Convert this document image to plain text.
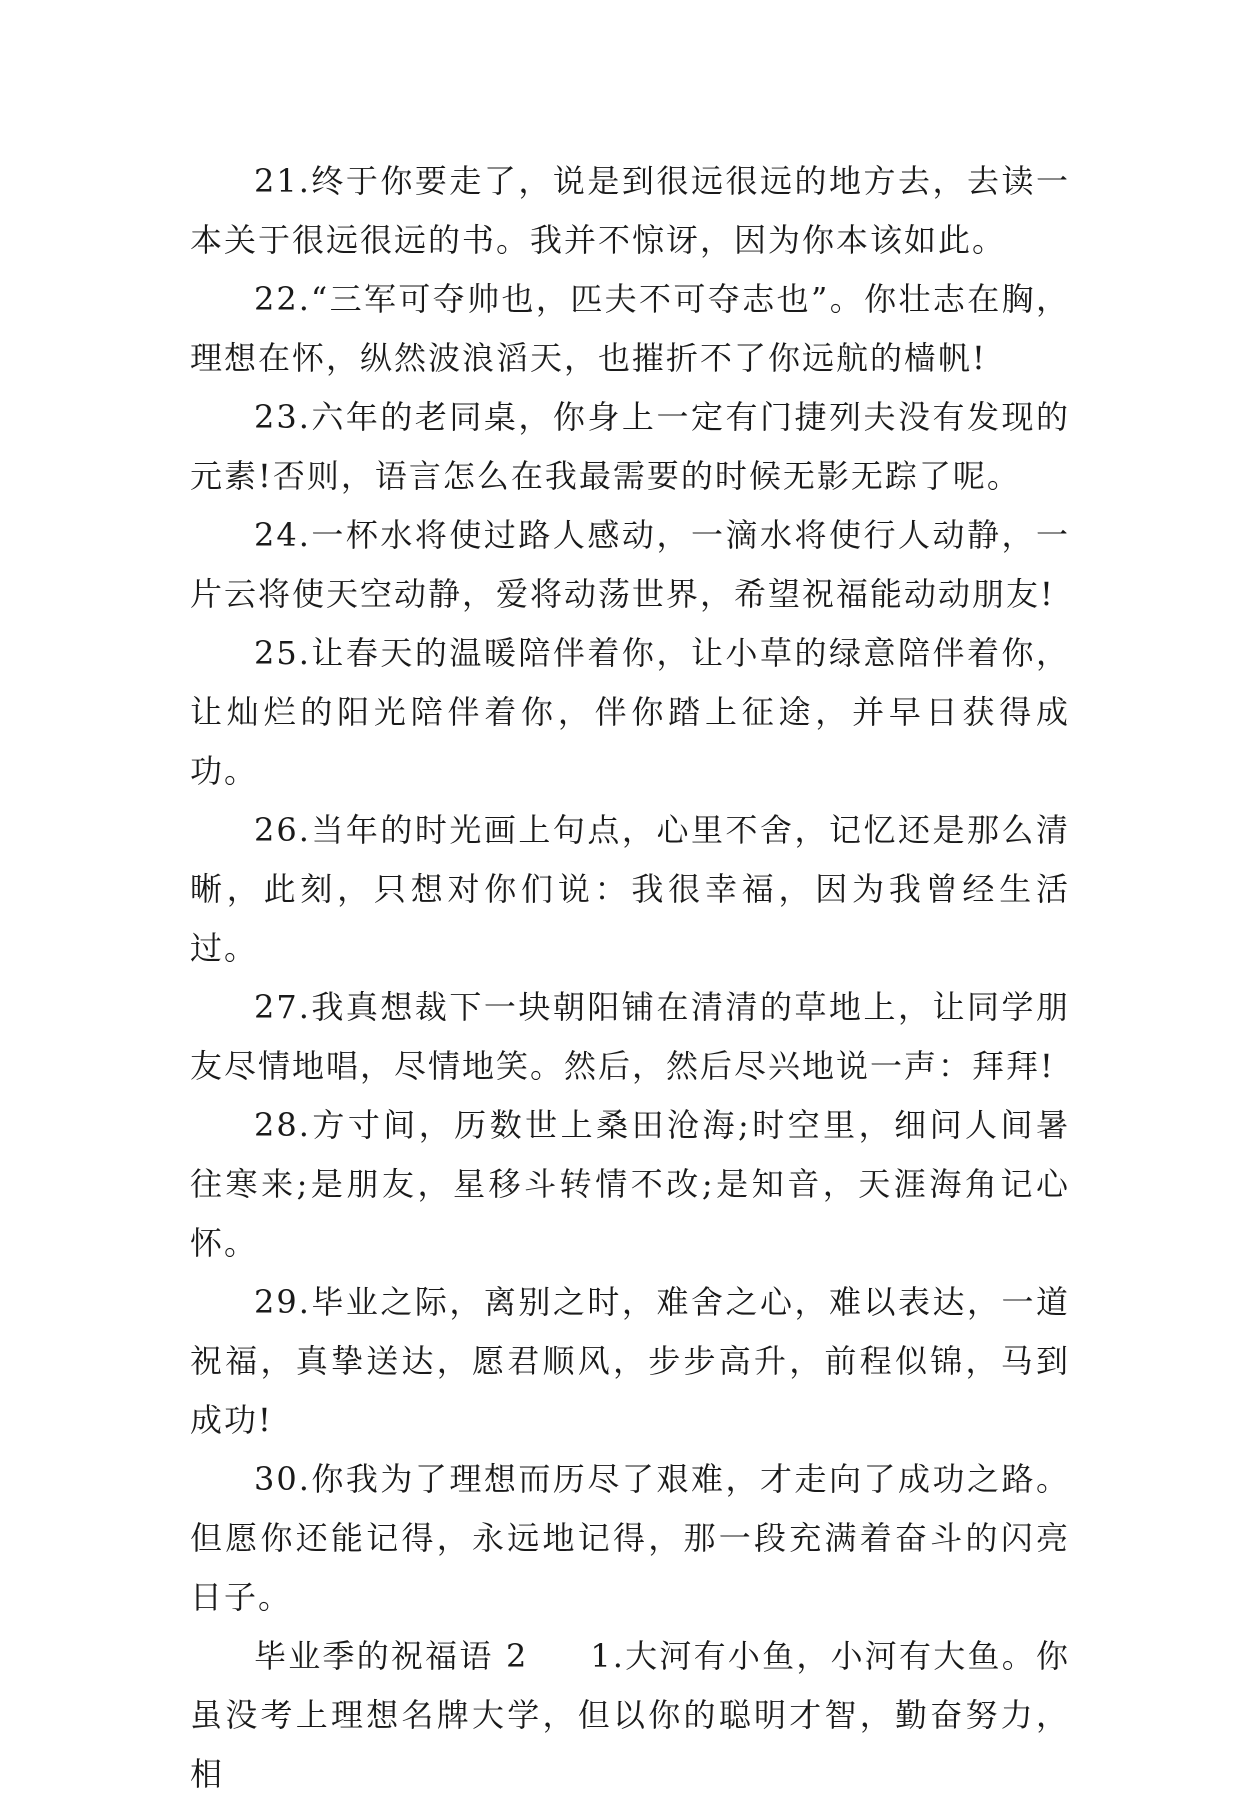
21.终于你要走了，说是到很远很远的地方去，去读一本关于很远很远的书。我并不惊讶，因为你本该如此。

22.“三军可夺帅也，匹夫不可夺志也”。你壮志在胸，理想在怀，纵然波浪滔天，也摧折不了你远航的樯帆!

23.六年的老同桌，你身上一定有门捷列夫没有发现的元素!否则，语言怎么在我最需要的时候无影无踪了呢。

24.一杯水将使过路人感动，一滴水将使行人动静，一片云将使天空动静，爱将动荡世界，希望祝福能动动朋友!

25.让春天的温暖陪伴着你，让小草的绿意陪伴着你，让灿烂的阳光陪伴着你，伴你踏上征途，并早日获得成功。

26.当年的时光画上句点，心里不舍，记忆还是那么清晰，此刻，只想对你们说：我很幸福，因为我曾经生活过。

27.我真想裁下一块朝阳铺在清清的草地上，让同学朋友尽情地唱，尽情地笑。然后，然后尽兴地说一声：拜拜!

28.方寸间，历数世上桑田沧海;时空里，细问人间暑往寒来;是朋友，星移斗转情不改;是知音，天涯海角记心怀。

29.毕业之际，离别之时，难舍之心，难以表达，一道祝福，真挚送达，愿君顺风，步步高升，前程似锦，马到成功!

30.你我为了理想而历尽了艰难，才走向了成功之路。但愿你还能记得，永远地记得，那一段充满着奋斗的闪亮日子。

毕业季的祝福语 2 1.大河有小鱼，小河有大鱼。你虽没考上理想名牌大学，但以你的聪明才智，勤奋努力，相
